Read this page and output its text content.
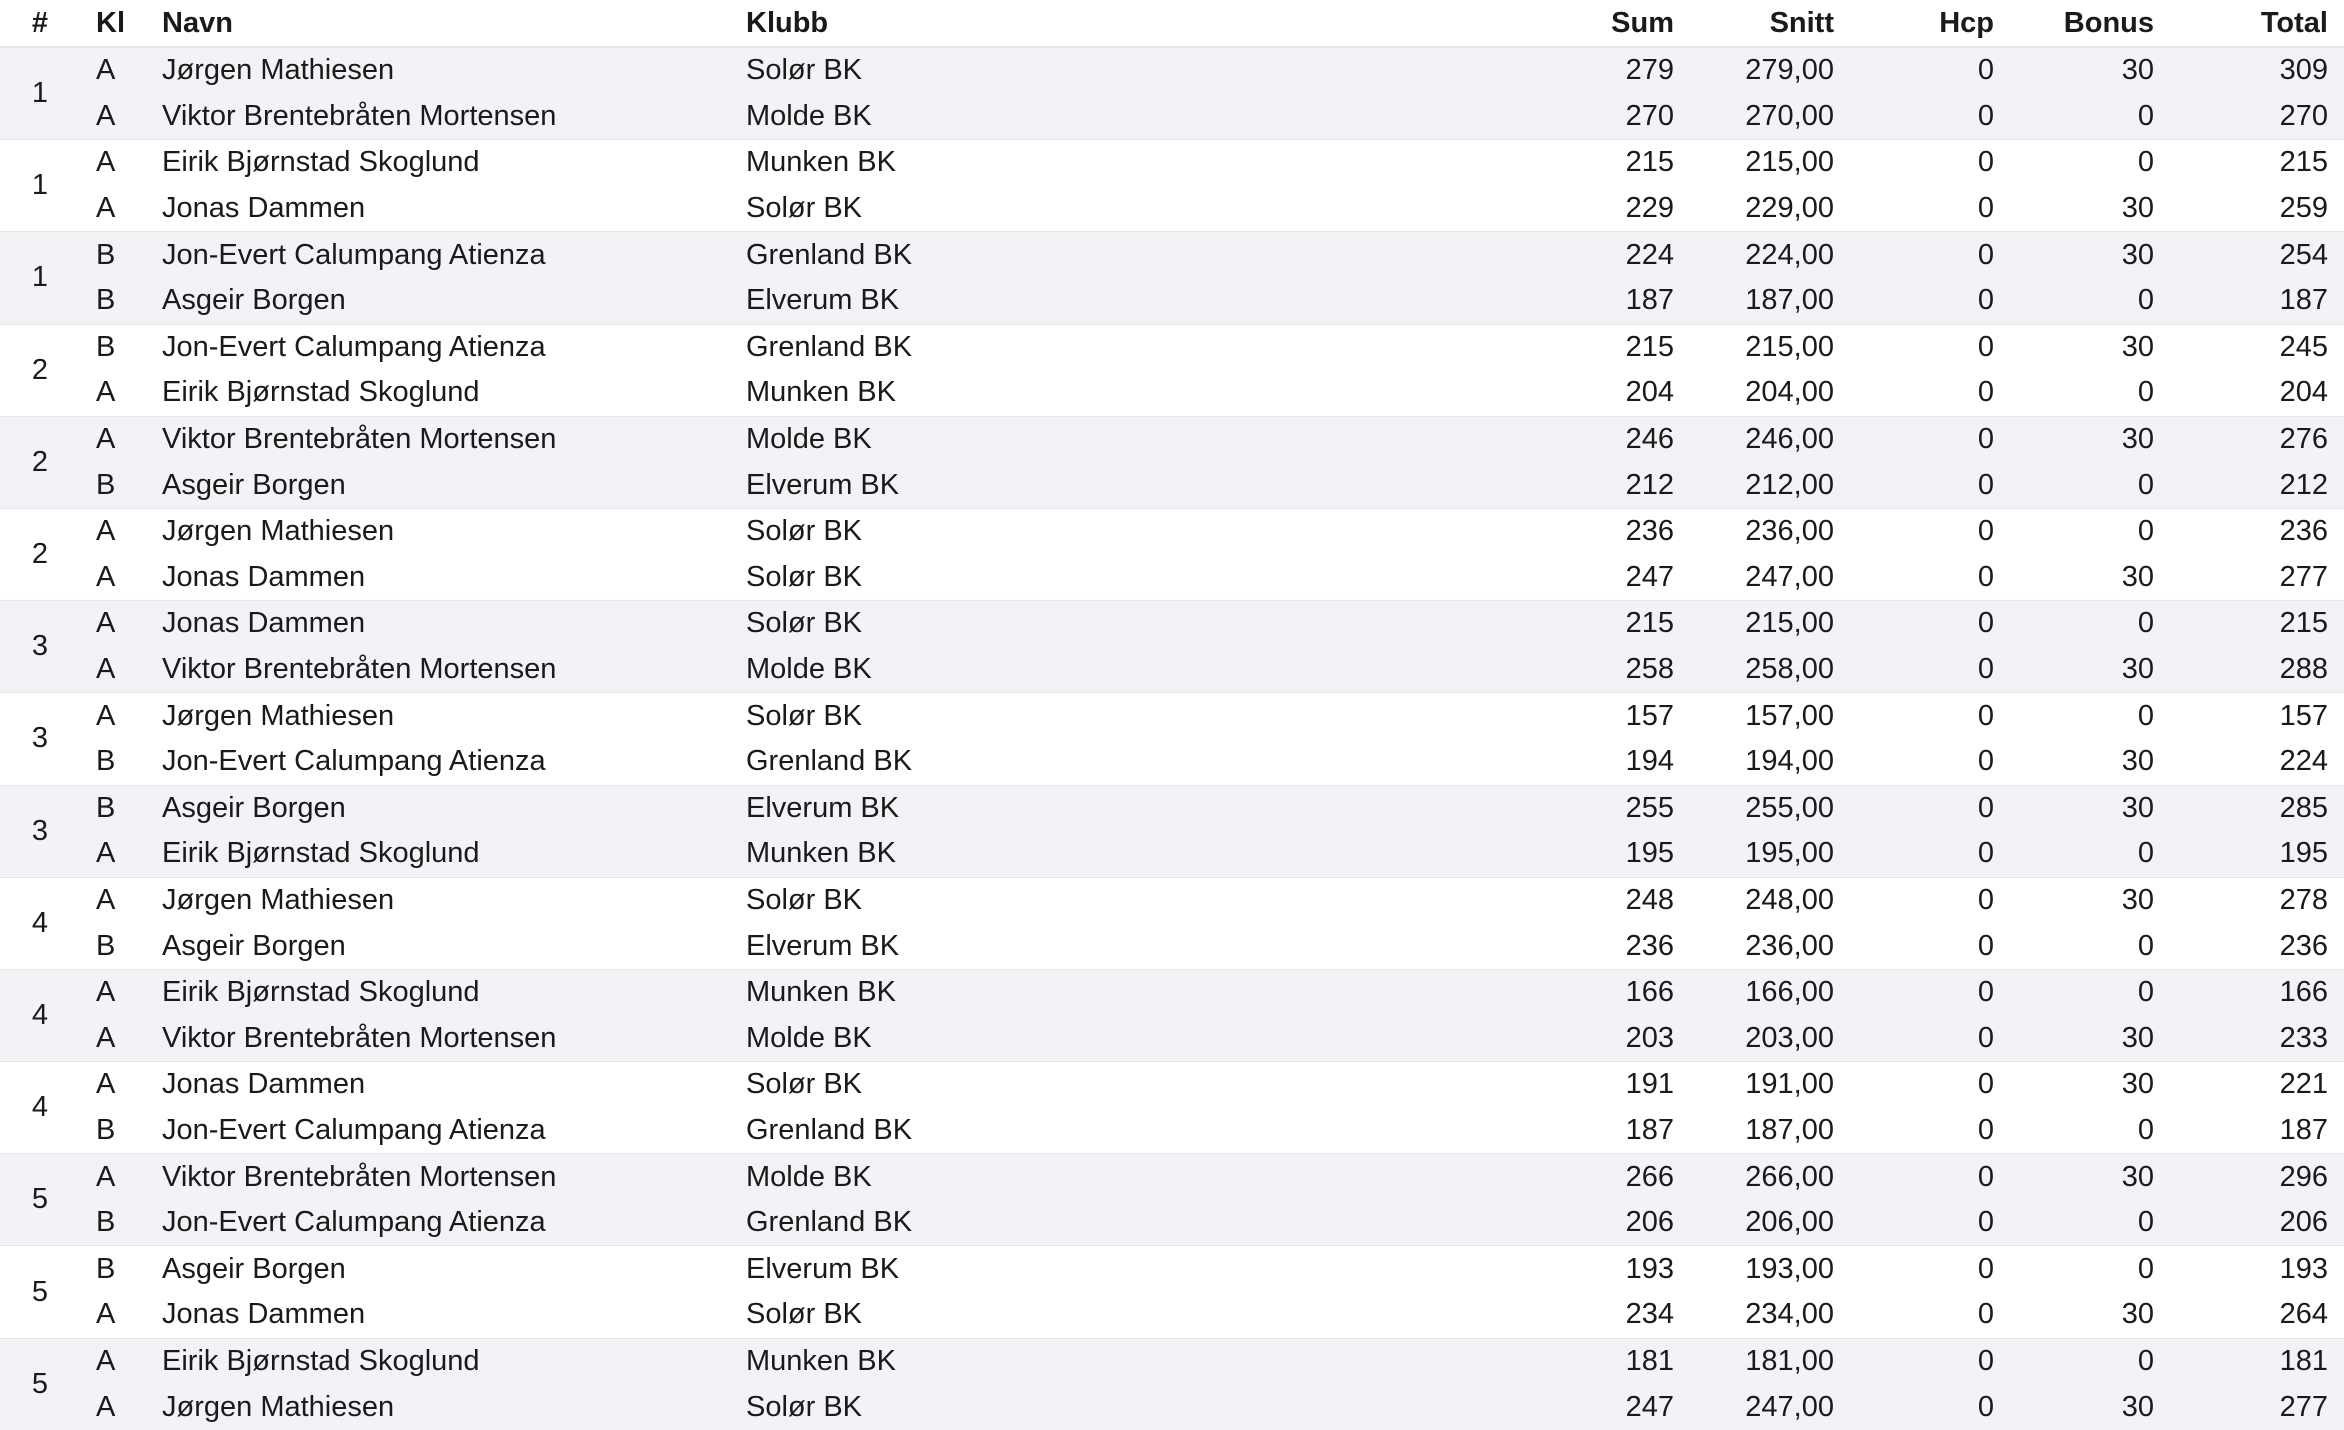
#	Kl	Navn	Klubb	Sum	Snitt	Hcp	Bonus	Total
1	A	Jørgen Mathiesen	Solør BK	279	279,00	0	30	309
	A	Viktor Brentebråten Mortensen	Molde BK	270	270,00	0	0	270
1	A	Eirik Bjørnstad Skoglund	Munken BK	215	215,00	0	0	215
	A	Jonas Dammen	Solør BK	229	229,00	0	30	259
1	B	Jon-Evert Calumpang Atienza	Grenland BK	224	224,00	0	30	254
	B	Asgeir Borgen	Elverum BK	187	187,00	0	0	187
2	B	Jon-Evert Calumpang Atienza	Grenland BK	215	215,00	0	30	245
	A	Eirik Bjørnstad Skoglund	Munken BK	204	204,00	0	0	204
2	A	Viktor Brentebråten Mortensen	Molde BK	246	246,00	0	30	276
	B	Asgeir Borgen	Elverum BK	212	212,00	0	0	212
2	A	Jørgen Mathiesen	Solør BK	236	236,00	0	0	236
	A	Jonas Dammen	Solør BK	247	247,00	0	30	277
3	A	Jonas Dammen	Solør BK	215	215,00	0	0	215
	A	Viktor Brentebråten Mortensen	Molde BK	258	258,00	0	30	288
3	A	Jørgen Mathiesen	Solør BK	157	157,00	0	0	157
	B	Jon-Evert Calumpang Atienza	Grenland BK	194	194,00	0	30	224
3	B	Asgeir Borgen	Elverum BK	255	255,00	0	30	285
	A	Eirik Bjørnstad Skoglund	Munken BK	195	195,00	0	0	195
4	A	Jørgen Mathiesen	Solør BK	248	248,00	0	30	278
	B	Asgeir Borgen	Elverum BK	236	236,00	0	0	236
4	A	Eirik Bjørnstad Skoglund	Munken BK	166	166,00	0	0	166
	A	Viktor Brentebråten Mortensen	Molde BK	203	203,00	0	30	233
4	A	Jonas Dammen	Solør BK	191	191,00	0	30	221
	B	Jon-Evert Calumpang Atienza	Grenland BK	187	187,00	0	0	187
5	A	Viktor Brentebråten Mortensen	Molde BK	266	266,00	0	30	296
	B	Jon-Evert Calumpang Atienza	Grenland BK	206	206,00	0	0	206
5	B	Asgeir Borgen	Elverum BK	193	193,00	0	0	193
	A	Jonas Dammen	Solør BK	234	234,00	0	30	264
5	A	Eirik Bjørnstad Skoglund	Munken BK	181	181,00	0	0	181
	A	Jørgen Mathiesen	Solør BK	247	247,00	0	30	277
